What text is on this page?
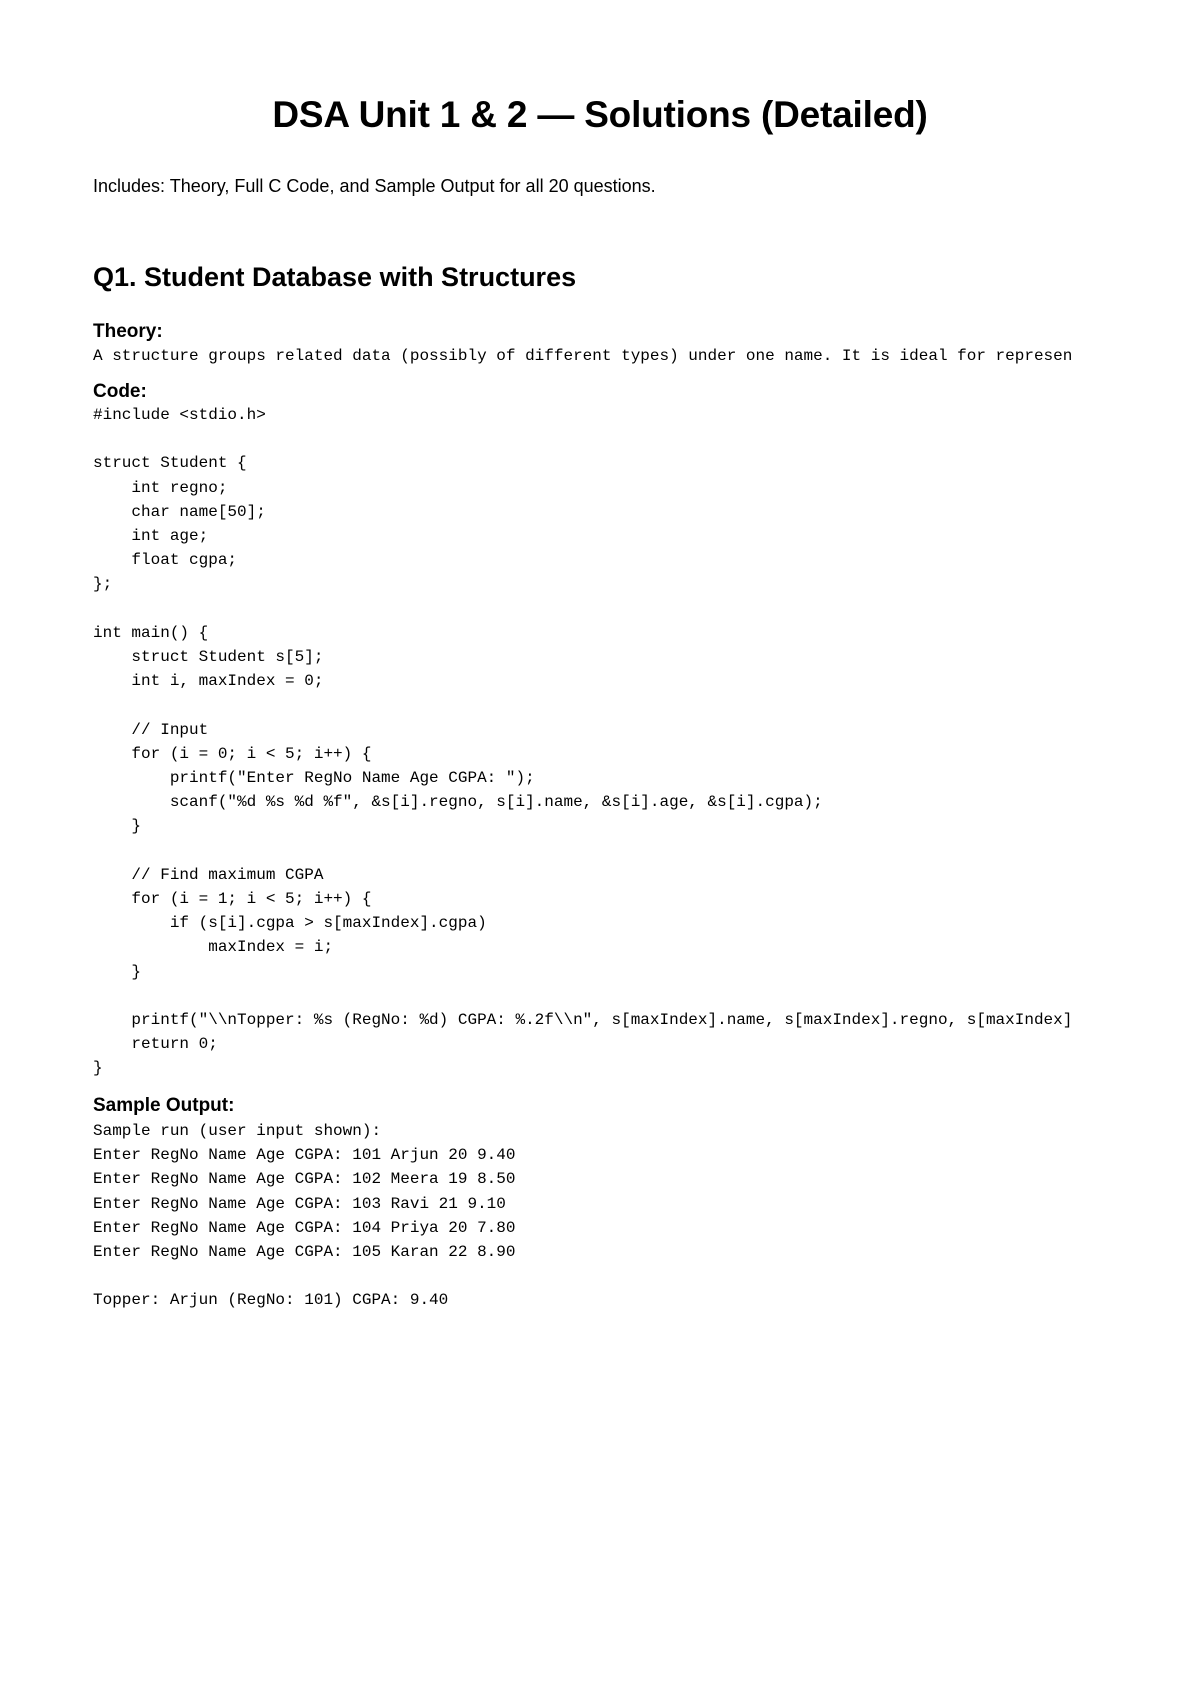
DSA Unit 1 & 2 — Solutions (Detailed)

Includes: Theory, Full C Code, and Sample Output for all 20 questions.

Q1. Student Database with Structures
Theory:
A structure groups related data (possibly of different types) under one name. It is ideal for represen
Code:
#include <stdio.h>

struct Student {
int regno;
char name[50];
int age;
float cgpa;
};

int main() {
struct Student s[5];
int i, maxIndex = 0;

// Input
for (i = 0; i < 5; i++) {
printf("Enter RegNo Name Age CGPA: ");
scanf("%d %s %d %f", &s[i].regno, s[i].name, &s[i].age, &s[i].cgpa);
}

// Find maximum CGPA
for (i = 1; i < 5; i++) {
if (s[i].cgpa > s[maxIndex].cgpa)
maxIndex = i;
}

printf("\\nTopper: %s (RegNo: %d) CGPA: %.2f\\n", s[maxIndex].name, s[maxIndex].regno, s[maxIndex]
return 0;
}
Sample Output:
Sample run (user input shown):
Enter RegNo Name Age CGPA: 101 Arjun 20 9.40
Enter RegNo Name Age CGPA: 102 Meera 19 8.50
Enter RegNo Name Age CGPA: 103 Ravi 21 9.10
Enter RegNo Name Age CGPA: 104 Priya 20 7.80
Enter RegNo Name Age CGPA: 105 Karan 22 8.90

Topper: Arjun (RegNo: 101) CGPA: 9.40
